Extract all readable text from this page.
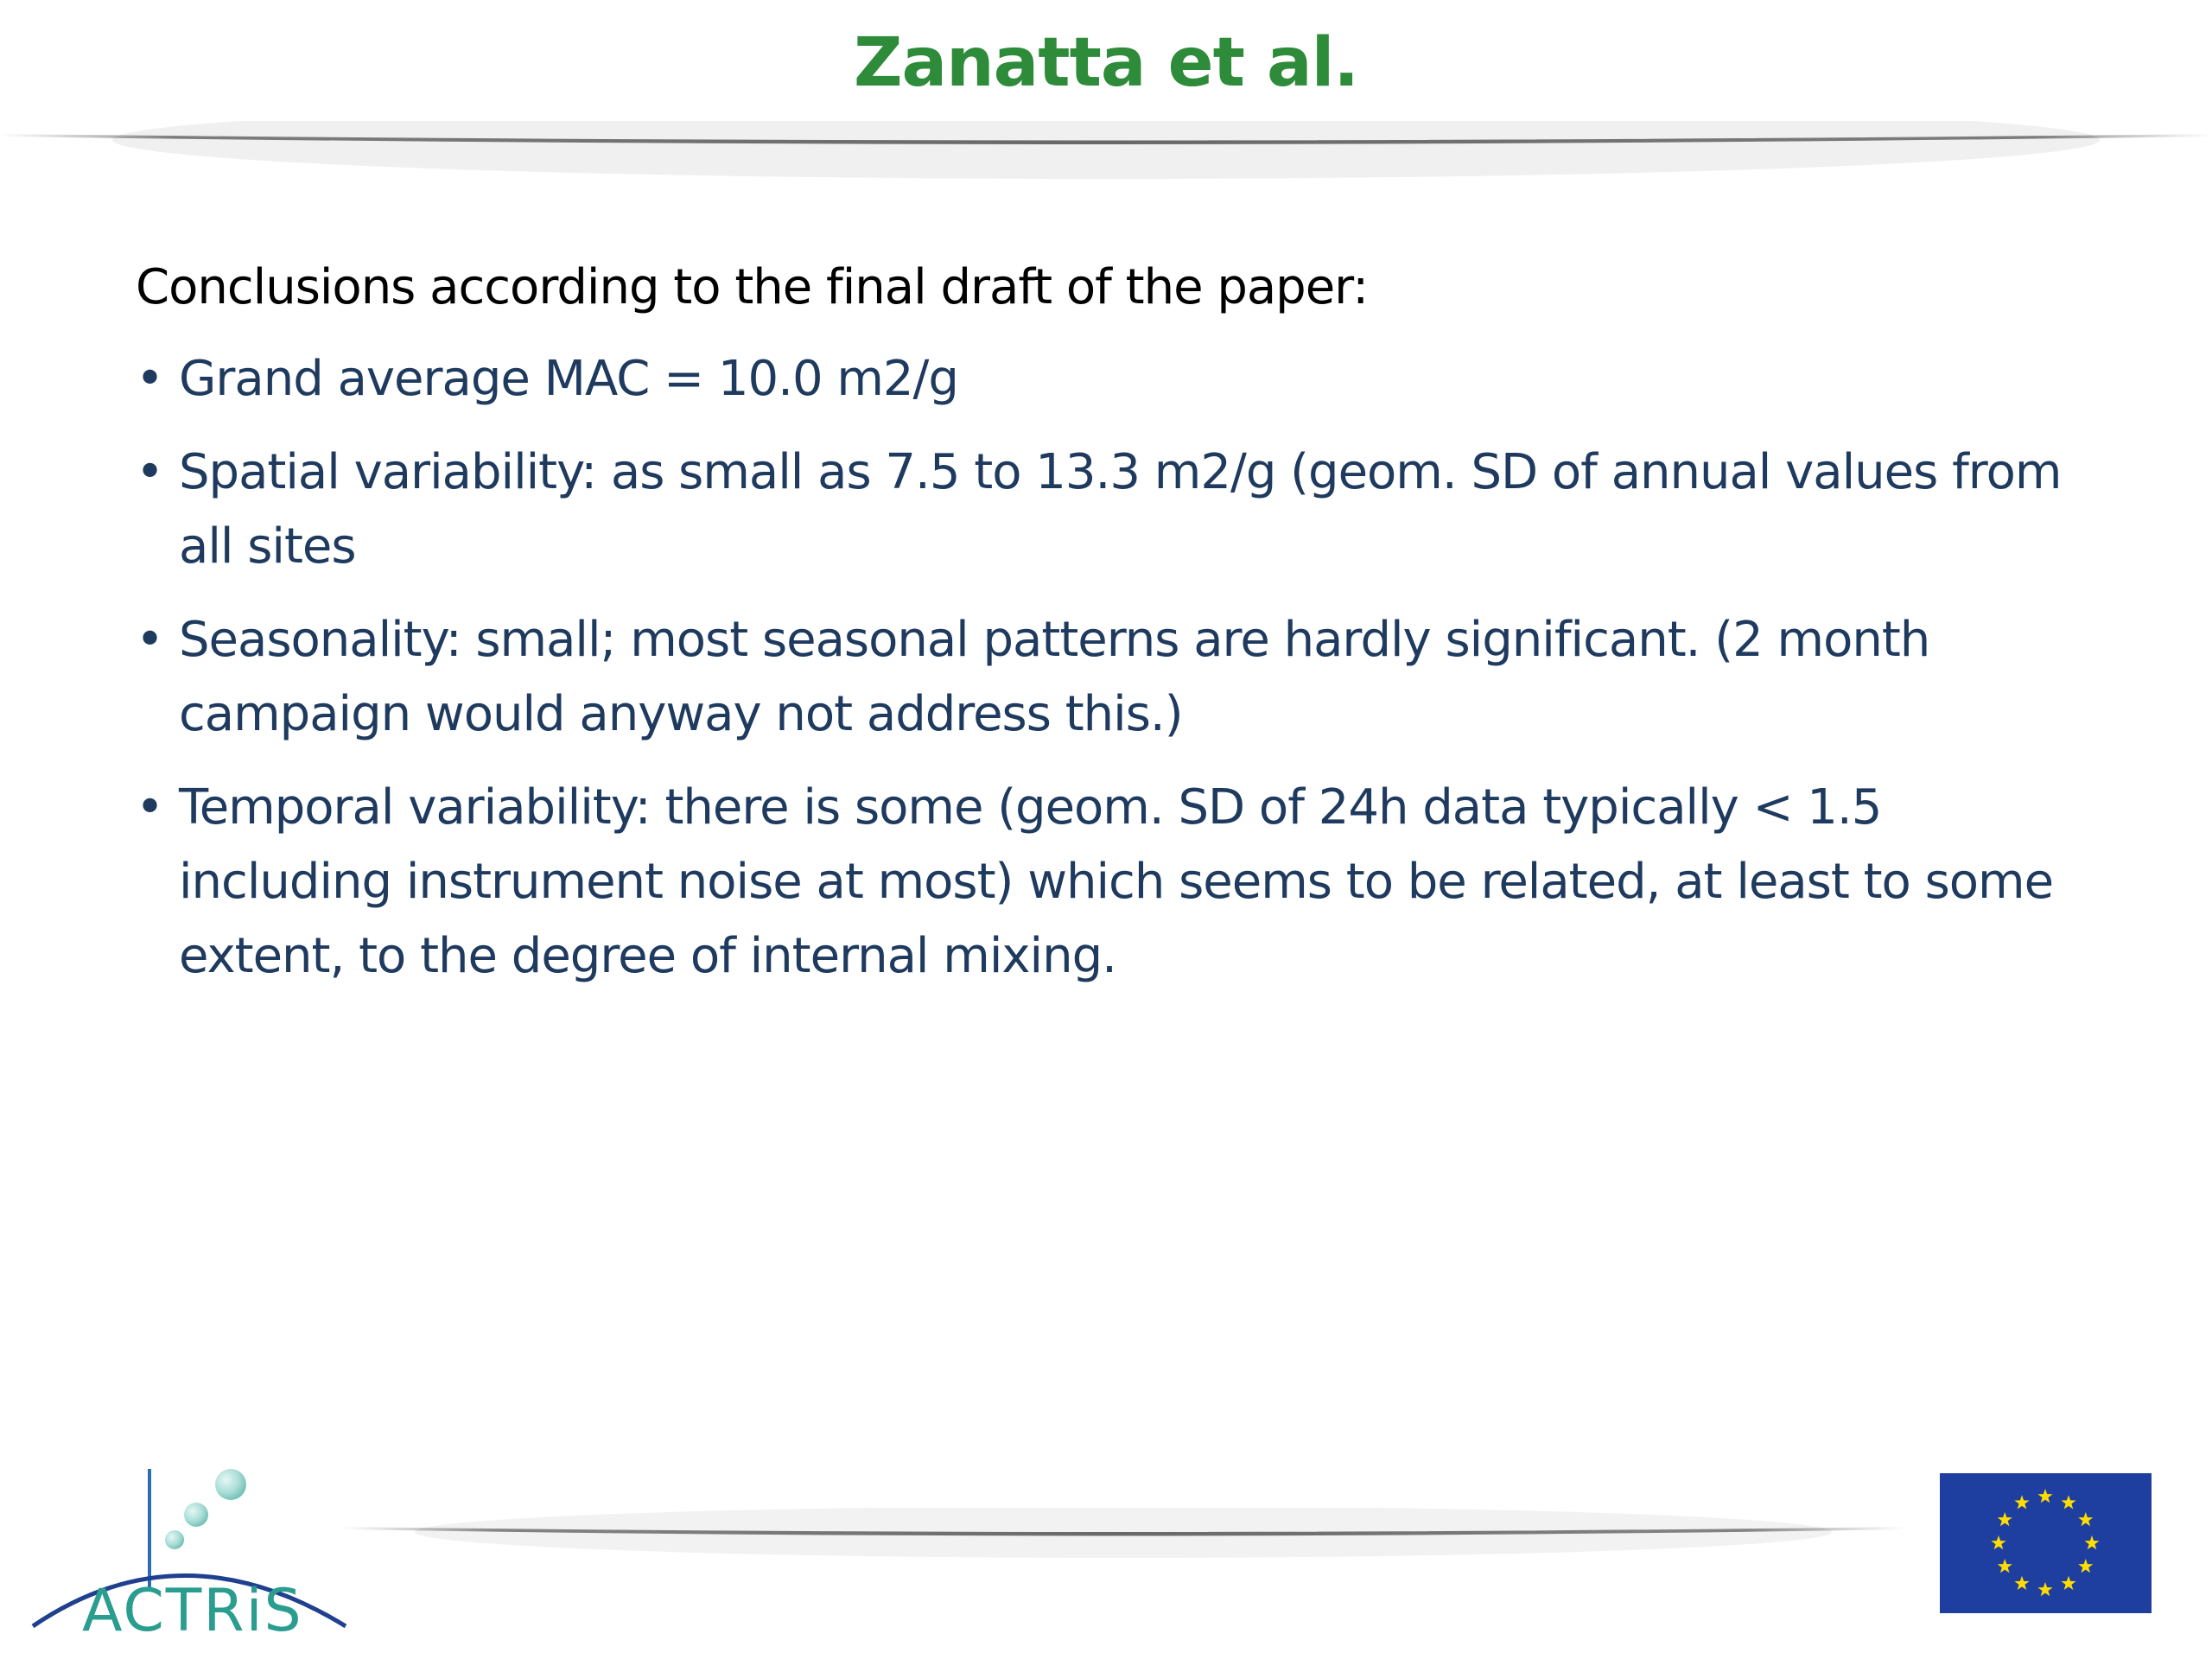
Zanatta et al.
Conclusions according to the final draft of the paper:
• Grand average MAC = 10.0 m2/g
• Spatial variability: as small as 7.5 to 13.3 m2/g (geom. SD of annual values from all sites
• Seasonality: small; most seasonal patterns are hardly significant. (2 month campaign would anyway not address this.)
• Temporal variability: there is some (geom. SD of 24h data typically < 1.5 including instrument noise at most) which seems to be related, at least to some extent, to the degree of internal mixing.
ACTRiS
